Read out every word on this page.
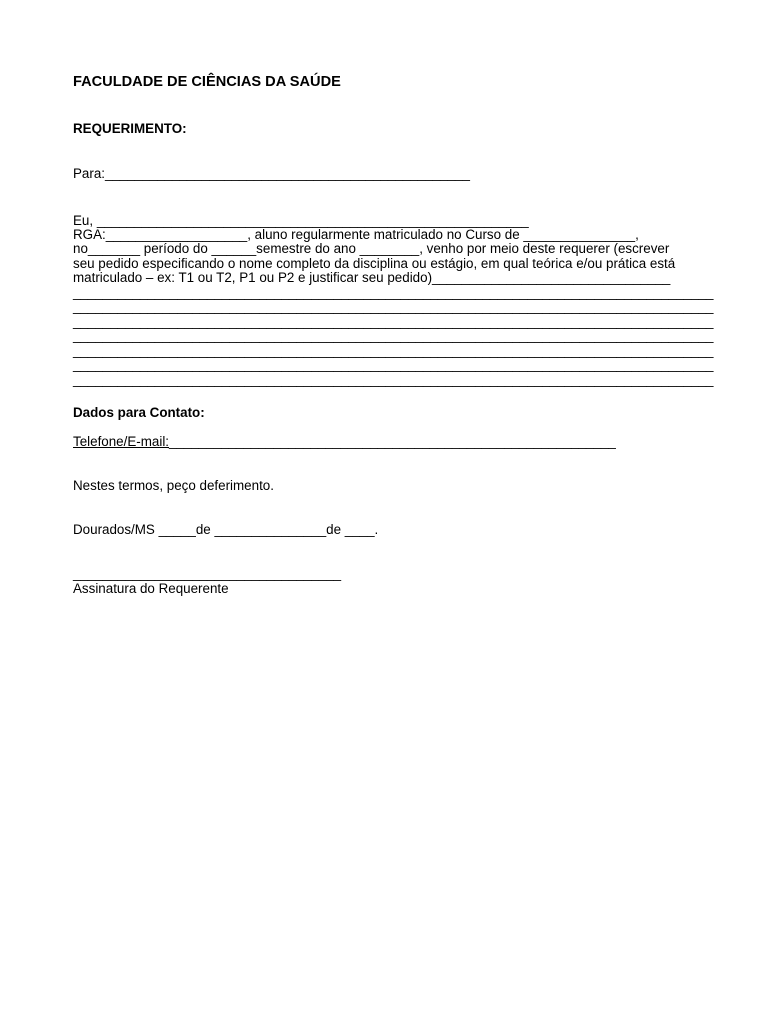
FACULDADE DE CIÊNCIAS DA SAÚDE
REQUERIMENTO:
Para:_________________________________________________
Eu, __________________________________________________________
RGA:___________________, aluno regularmente matriculado no Curso de _______________,
no_______ período do ______semestre do ano ________, venho por meio deste requerer (escrever
seu pedido especificando o nome completo da disciplina ou estágio, em qual teórica e/ou prática está
matriculado – ex: T1 ou T2, P1 ou P2 e justificar seu pedido)________________________________
______________________________________________________________________________________
______________________________________________________________________________________
______________________________________________________________________________________
______________________________________________________________________________________
______________________________________________________________________________________
______________________________________________________________________________________
______________________________________________________________________________________
Dados para Contato:
Telefone/E-mail:____________________________________________________________
Nestes termos, peço deferimento.
Dourados/MS _____de _______________de ____.
____________________________________
Assinatura do Requerente
